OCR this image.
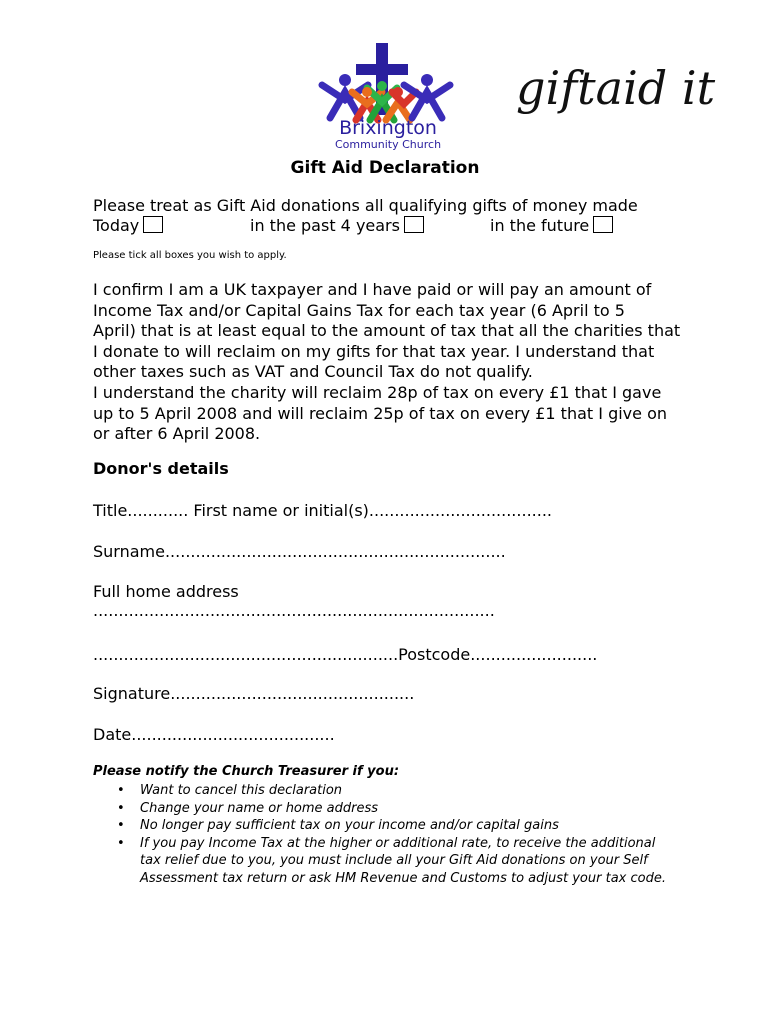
Brixington
Community Church
giftaid it
Gift Aid Declaration
Please treat as Gift Aid donations all qualifying gifts of money made
Today	in the past 4 years	in the future
Please tick all boxes you wish to apply.
I confirm I am a UK taxpayer and I have paid or will pay an amount of
Income Tax and/or Capital Gains Tax for each tax year (6 April to 5
April) that is at least equal to the amount of tax that all the charities that
I donate to will reclaim on my gifts for that tax year. I understand that
other taxes such as VAT and Council Tax do not qualify.
I understand the charity will reclaim 28p of tax on every £1 that I gave
up to 5 April 2008 and will reclaim 25p of tax on every £1 that I give on
or after 6 April 2008.
Donor's details
Title............ First name or initial(s)....................................
Surname...................................................................
Full home address
...............................................................................
............................................................Postcode.........................
Signature................................................
Date........................................
Please notify the Church Treasurer if you:
• Want to cancel this declaration
• Change your name or home address
• No longer pay sufficient tax on your income and/or capital gains
• If you pay Income Tax at the higher or additional rate, to receive the additional tax relief due to you, you must include all your Gift Aid donations on your Self Assessment tax return or ask HM Revenue and Customs to adjust your tax code.
